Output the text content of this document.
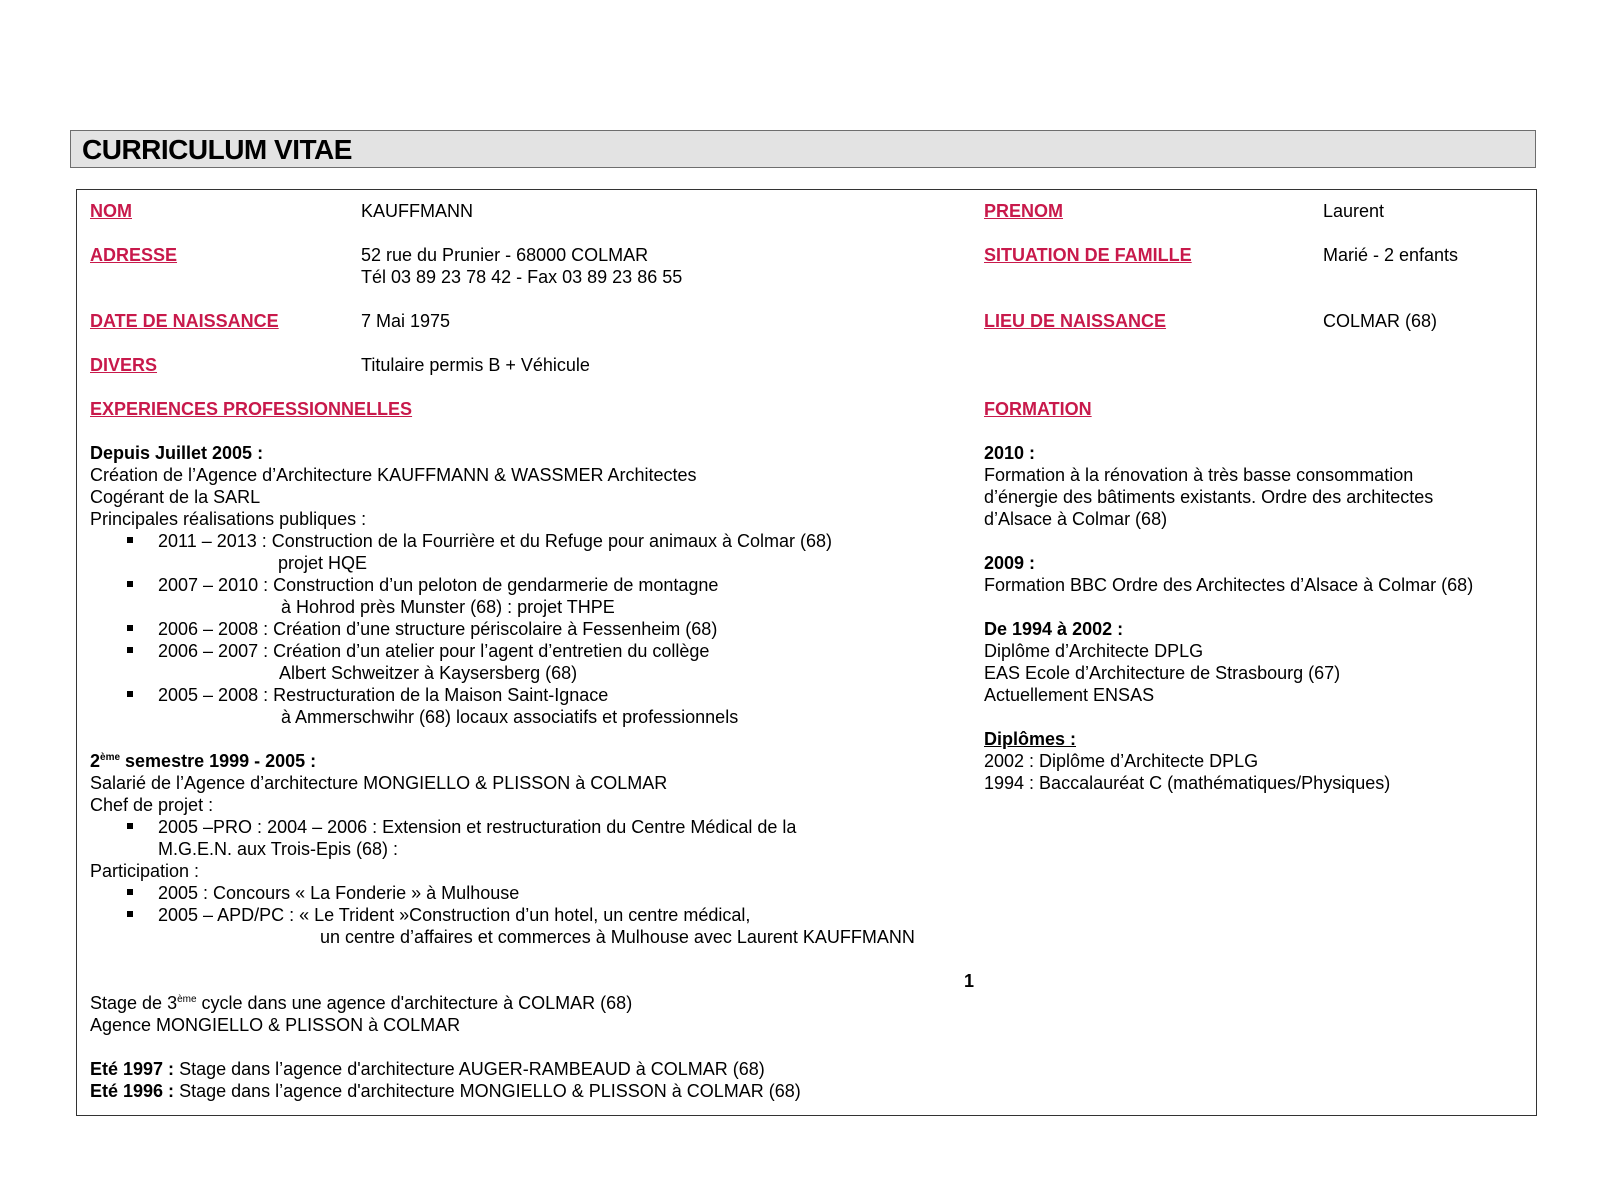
CURRICULUM VITAE
NOM	KAUFFMANN	PRENOM	Laurent
ADRESSE	52 rue du Prunier - 68000 COLMAR
Tél 03 89 23 78 42 - Fax 03 89 23 86 55
SITUATION DE FAMILLE	Marié - 2 enfants
DATE DE NAISSANCE	7 Mai 1975	LIEU DE NAISSANCE	COLMAR (68)
DIVERS	Titulaire permis B + Véhicule
EXPERIENCES PROFESSIONNELLES
Depuis Juillet 2005 :
Création de l’Agence d’Architecture KAUFFMANN & WASSMER Architectes
Cogérant de la SARL
Principales réalisations publiques :
2011 – 2013 : Construction de la Fourrière et du Refuge pour animaux à Colmar (68)
projet HQE
2007 – 2010 : Construction d’un peloton de gendarmerie de montagne
à Hohrod près Munster (68) : projet THPE
2006 – 2008 : Création d’une structure périscolaire à Fessenheim (68)
2006 – 2007 : Création d’un atelier pour l’agent d’entretien du collège
Albert Schweitzer à Kaysersberg (68)
2005 – 2008 : Restructuration de la Maison Saint-Ignace
à Ammerschwihr (68) locaux associatifs et professionnels
2ème semestre 1999 - 2005 :
Salarié de l’Agence d’architecture MONGIELLO & PLISSON à COLMAR
Chef de projet :
2005 –PRO : 2004 – 2006 : Extension et restructuration du Centre Médical de la
M.G.E.N. aux Trois-Epis (68) :
Participation :
2005 : Concours « La Fonderie » à Mulhouse
2005 – APD/PC : « Le Trident »Construction d’un hotel, un centre médical,
un centre d’affaires et commerces à Mulhouse avec Laurent KAUFFMANN
1
Stage de 3ème cycle dans une agence d'architecture à COLMAR (68)
Agence MONGIELLO & PLISSON à COLMAR
Eté 1997 : Stage dans l’agence d'architecture AUGER-RAMBEAUD à COLMAR (68)
Eté 1996 : Stage dans l’agence d'architecture MONGIELLO & PLISSON à COLMAR (68)
FORMATION
2010 :
Formation à la rénovation à très basse consommation
d’énergie des bâtiments existants. Ordre des architectes
d’Alsace à Colmar (68)
2009 :
Formation BBC Ordre des Architectes d’Alsace à Colmar (68)
De 1994 à 2002 :
Diplôme d’Architecte DPLG
EAS Ecole d’Architecture de Strasbourg (67)
Actuellement ENSAS
Diplômes :
2002 : Diplôme d’Architecte DPLG
1994 : Baccalauréat C (mathématiques/Physiques)
